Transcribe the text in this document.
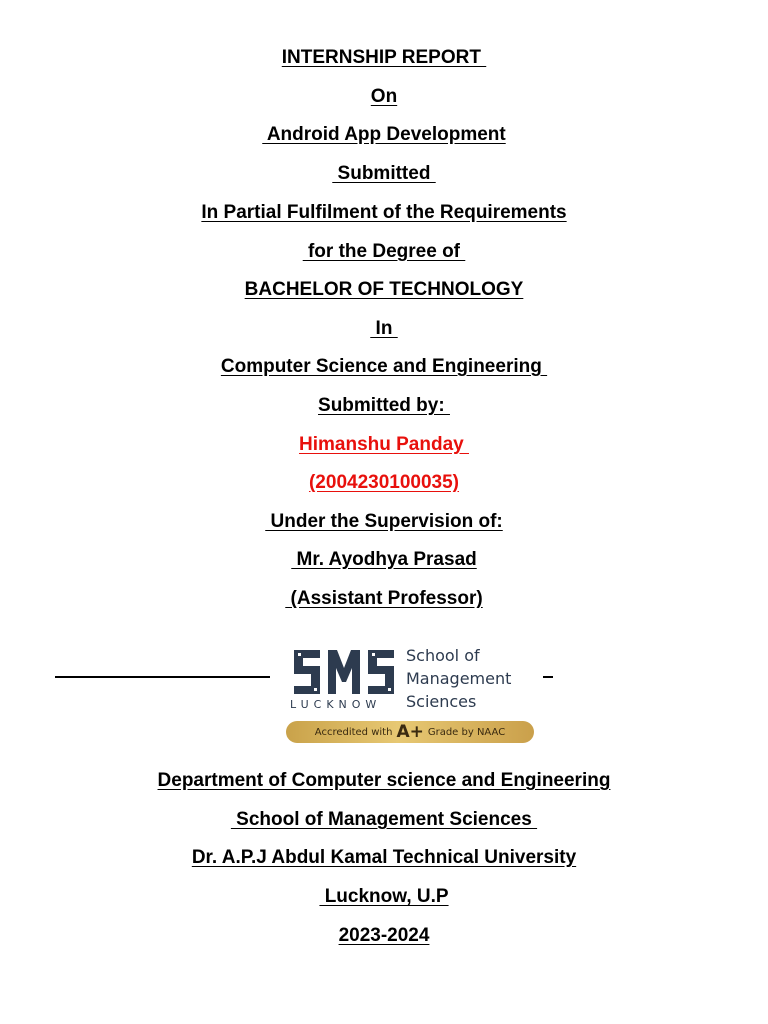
INTERNSHIP REPORT
On
Android App Development
Submitted
In Partial Fulfilment of the Requirements
for the Degree of
BACHELOR OF TECHNOLOGY
In
Computer Science and Engineering
Submitted by:
Himanshu Panday
(2004230100035)
Under the Supervision of:
Mr. Ayodhya Prasad
(Assistant Professor)
LUCKNOW
School of
Management
Sciences
Accredited with A+ Grade by NAAC
Department of Computer science and Engineering
School of Management Sciences
Dr. A.P.J Abdul Kamal Technical University
Lucknow, U.P
2023-2024
